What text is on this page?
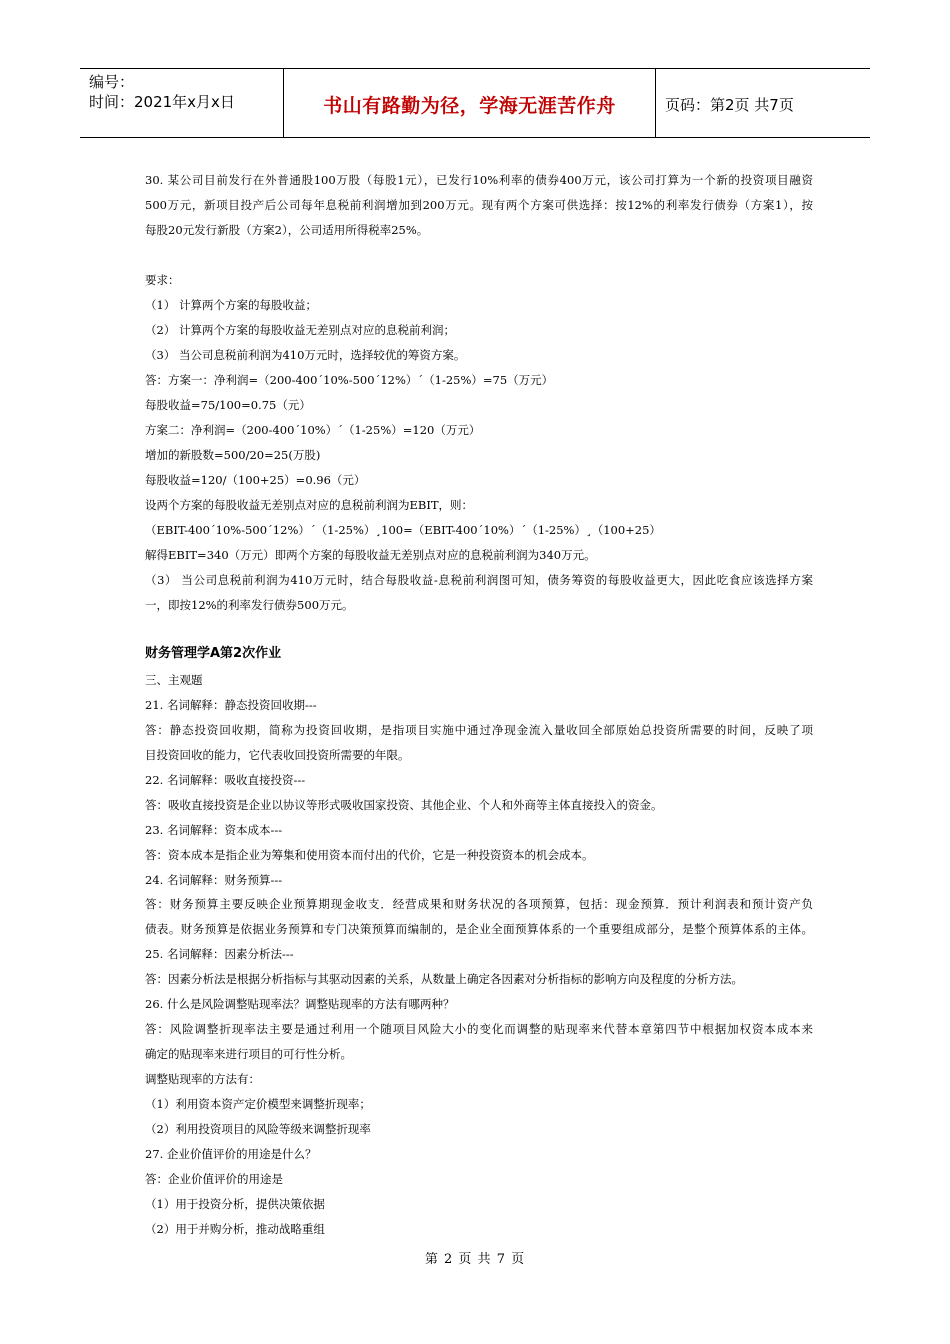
编号：
时间：2021年x月x日	书山有路勤为径，学海无涯苦作舟	页码：第2页 共7页
30. 某公司目前发行在外普通股100万股（每股1元），已发行10%利率的债券400万元，该公司打算为一个新的投资项目融资
500万元，新项目投产后公司每年息税前利润增加到200万元。现有两个方案可供选择：按12%的利率发行债券（方案1），按
每股20元发行新股（方案2），公司适用所得税率25%。
要求：
（1） 计算两个方案的每股收益；
（2） 计算两个方案的每股收益无差别点对应的息税前利润；
（3） 当公司息税前利润为410万元时，选择较优的筹资方案。
答：方案一：净利润=（200-400´10%-500´12%）´（1-25%）=75（万元）
每股收益=75/100=0.75（元）
方案二：净利润=（200-400´10%）´（1-25%）=120（万元）
增加的新股数=500/20=25(万股)
每股收益=120/（100+25）=0.96（元）
设两个方案的每股收益无差别点对应的息税前利润为EBIT，则：
（EBIT-400´10%-500´12%）´（1-25%）¸100=（EBIT-400´10%）´（1-25%）¸（100+25）
解得EBIT=340（万元）即两个方案的每股收益无差别点对应的息税前利润为340万元。
（3） 当公司息税前利润为410万元时，结合每股收益-息税前利润图可知，债务筹资的每股收益更大，因此吃食应该选择方案
一，即按12%的利率发行债券500万元。
财务管理学A第2次作业
三、主观题
21. 名词解释：静态投资回收期---
答：静态投资回收期，简称为投资回收期，是指项目实施中通过净现金流入量收回全部原始总投资所需要的时间，反映了项
目投资回收的能力，它代表收回投资所需要的年限。
22. 名词解释：吸收直接投资---
答：吸收直接投资是企业以协议等形式吸收国家投资、其他企业、个人和外商等主体直接投入的资金。
23. 名词解释：资本成本---
答：资本成本是指企业为筹集和使用资本而付出的代价，它是一种投资资本的机会成本。
24. 名词解释：财务预算---
答：财务预算主要反映企业预算期现金收支．经营成果和财务状况的各项预算，包括：现金预算．预计利润表和预计资产负
债表。财务预算是依据业务预算和专门决策预算而编制的，是企业全面预算体系的一个重要组成部分，是整个预算体系的主体。
25. 名词解释：因素分析法---
答：因素分析法是根据分析指标与其驱动因素的关系，从数量上确定各因素对分析指标的影响方向及程度的分析方法。
26. 什么是风险调整贴现率法？调整贴现率的方法有哪两种？
答：风险调整折现率法主要是通过利用一个随项目风险大小的变化而调整的贴现率来代替本章第四节中根据加权资本成本来
确定的贴现率来进行项目的可行性分析。
调整贴现率的方法有：
（1）利用资本资产定价模型来调整折现率；
（2）利用投资项目的风险等级来调整折现率
27. 企业价值评价的用途是什么？
答：企业价值评价的用途是
（1）用于投资分析，提供决策依据
（2）用于并购分析，推动战略重组
第 2 页 共 7 页
